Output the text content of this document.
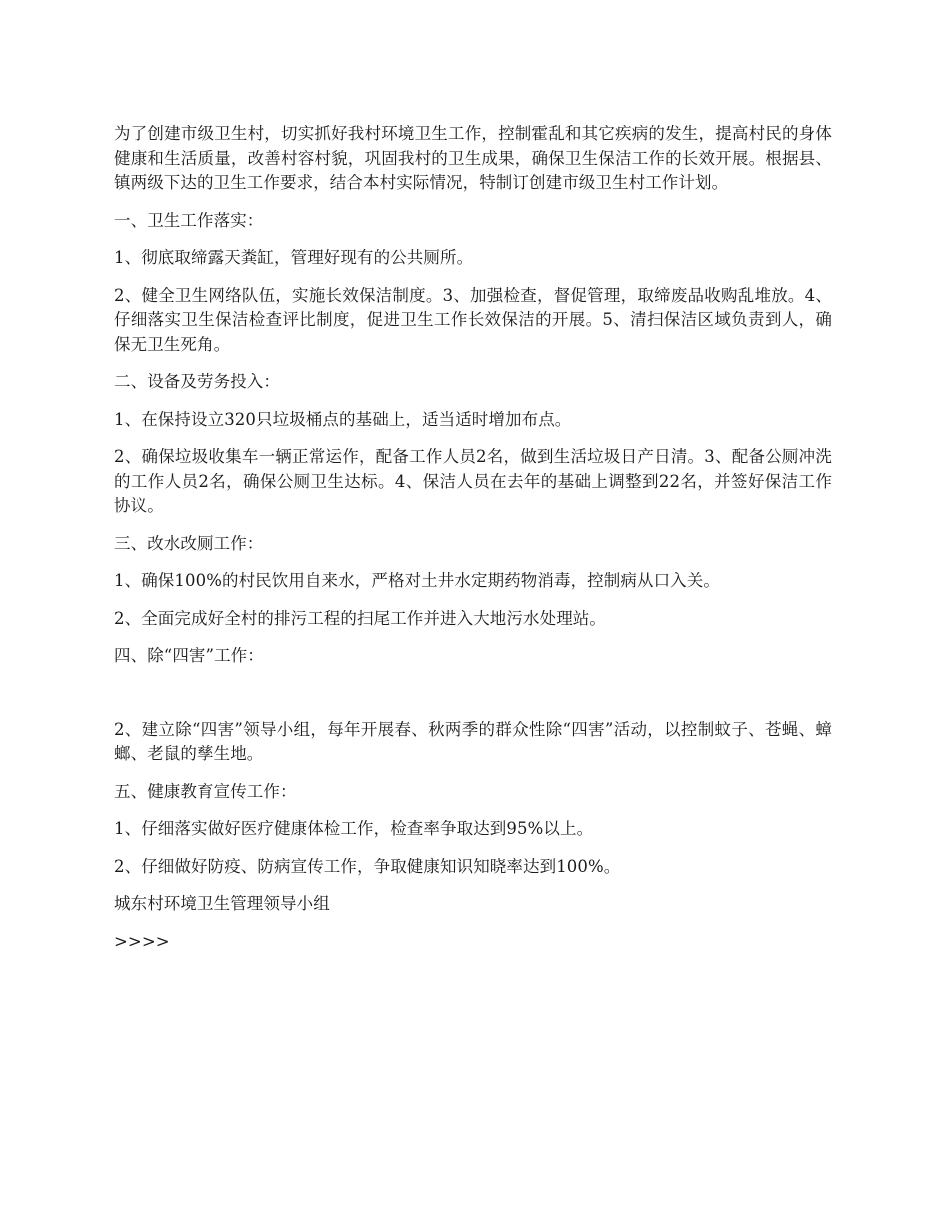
为了创建市级卫生村，切实抓好我村环境卫生工作，控制霍乱和其它疾病的发生，提高村民的身体健康和生活质量，改善村容村貌，巩固我村的卫生成果，确保卫生保洁工作的长效开展。根据县、镇两级下达的卫生工作要求，结合本村实际情况，特制订创建市级卫生村工作计划。

一、卫生工作落实：

1、彻底取缔露天粪缸，管理好现有的公共厕所。

2、健全卫生网络队伍，实施长效保洁制度。3、加强检查，督促管理，取缔废品收购乱堆放。4、仔细落实卫生保洁检查评比制度，促进卫生工作长效保洁的开展。5、清扫保洁区域负责到人，确保无卫生死角。

二、设备及劳务投入：

1、在保持设立320只垃圾桶点的基础上，适当适时增加布点。

2、确保垃圾收集车一辆正常运作，配备工作人员2名，做到生活垃圾日产日清。3、配备公厕冲洗的工作人员2名，确保公厕卫生达标。4、保洁人员在去年的基础上调整到22名，并签好保洁工作协议。

三、改水改厕工作：

1、确保100%的村民饮用自来水，严格对土井水定期药物消毒，控制病从口入关。

2、全面完成好全村的排污工程的扫尾工作并进入大地污水处理站。

四、除“四害”工作：

2、建立除“四害”领导小组，每年开展春、秋两季的群众性除“四害”活动，以控制蚊子、苍蝇、蟑螂、老鼠的孳生地。

五、健康教育宣传工作：

1、仔细落实做好医疗健康体检工作，检查率争取达到95%以上。

2、仔细做好防疫、防病宣传工作，争取健康知识知晓率达到100%。

城东村环境卫生管理领导小组

>>>>
